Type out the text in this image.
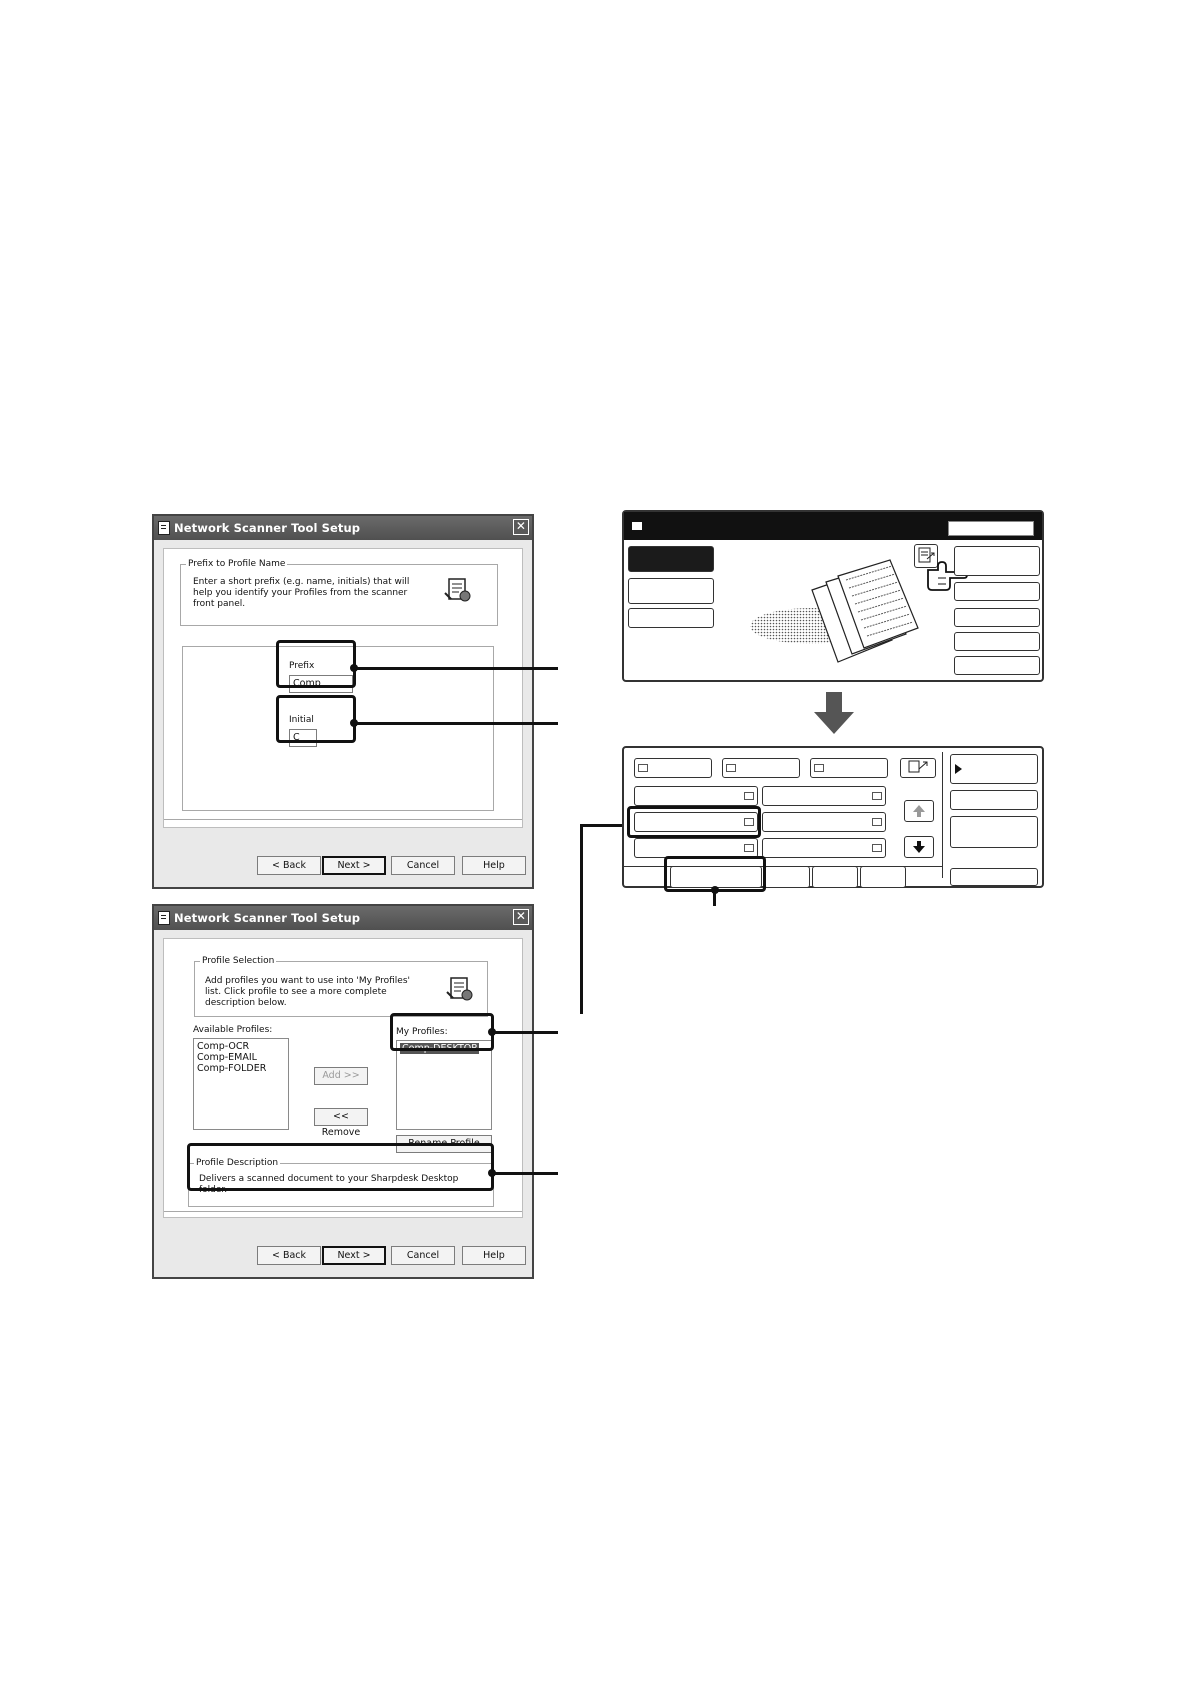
Network Scanner Tool Setup	✕
Prefix to Profile Name
Enter a short prefix (e.g. name, initials) that will help you identify your Profiles from the scanner front panel.
Prefix
Comp
Initial
C
< Back	Next >	Cancel	Help
Network Scanner Tool Setup	✕
Profile Selection
Add profiles you want to use into 'My Profiles' list. Click profile to see a more complete description below.
Available Profiles:
Comp-OCR
Comp-EMAIL
Comp-FOLDER
Add >>
<< Remove
My Profiles:
Comp-DESKTOP
Rename Profile
Profile Description
Delivers a scanned document to your Sharpdesk Desktop folder.
< Back	Next >	Cancel	Help
